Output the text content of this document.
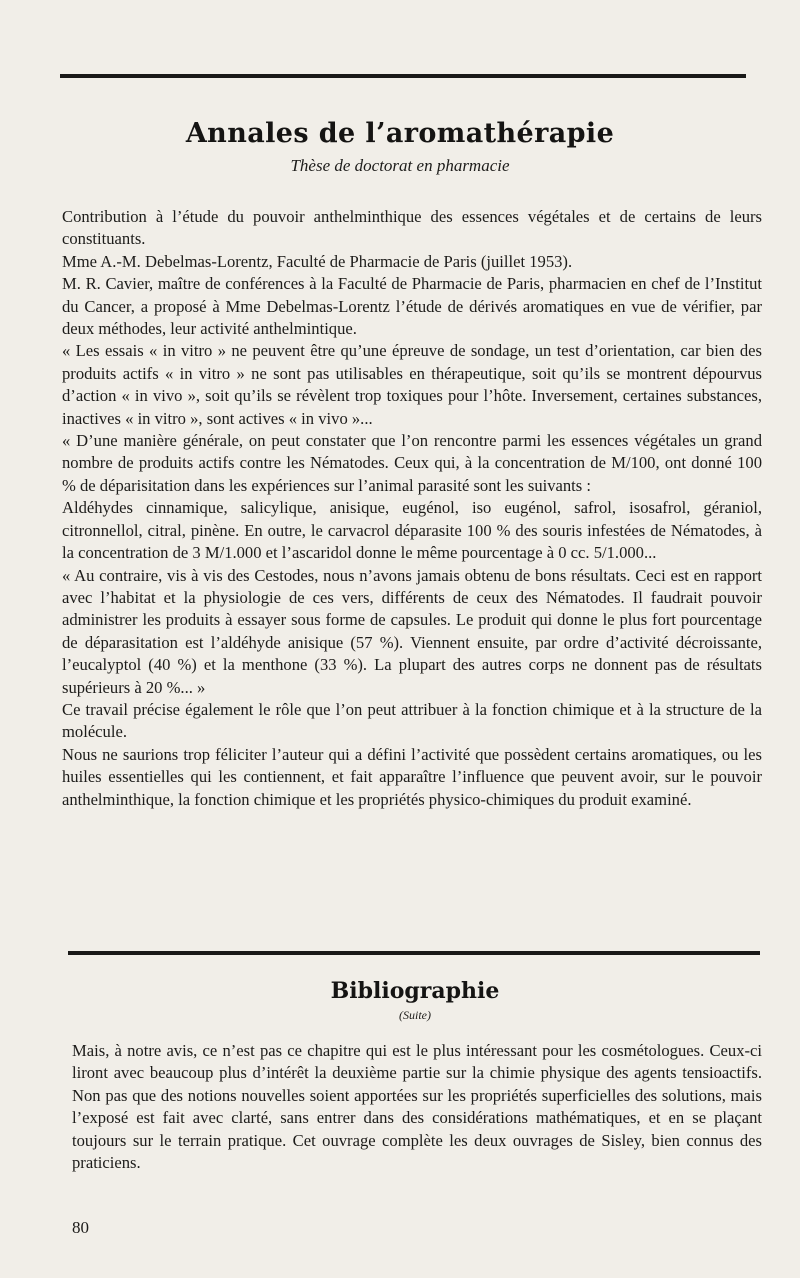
Annales de l’aromathérapie
Thèse de doctorat en pharmacie

Contribution à l’étude du pouvoir anthelminthique des essences végétales et de certains de leurs constituants.

Mme A.-M. Debelmas-Lorentz, Faculté de Pharmacie de Paris (juillet 1953).

M. R. Cavier, maître de conférences à la Faculté de Pharmacie de Paris, pharmacien en chef de l’Institut du Cancer, a proposé à Mme Debelmas-Lorentz l’étude de dérivés aromatiques en vue de vérifier, par deux méthodes, leur activité anthelmintique.

« Les essais « in vitro » ne peuvent être qu’une épreuve de sondage, un test d’orientation, car bien des produits actifs « in vitro » ne sont pas utilisables en thérapeutique, soit qu’ils se montrent dépourvus d’action « in vivo », soit qu’ils se révèlent trop toxiques pour l’hôte. Inversement, certaines substances, inactives « in vitro », sont actives « in vivo »...

« D’une manière générale, on peut constater que l’on rencontre parmi les essences végétales un grand nombre de produits actifs contre les Nématodes. Ceux qui, à la concentration de M/100, ont donné 100 % de déparisitation dans les expériences sur l’animal parasité sont les suivants :

Aldéhydes cinnamique, salicylique, anisique, eugénol, iso eugénol, safrol, isosafrol, géraniol, citronnellol, citral, pinène. En outre, le carvacrol déparasite 100 % des souris infestées de Nématodes, à la concentration de 3 M/1.000 et l’ascaridol donne le même pourcentage à 0 cc. 5/1.000...

« Au contraire, vis à vis des Cestodes, nous n’avons jamais obtenu de bons résultats. Ceci est en rapport avec l’habitat et la physiologie de ces vers, différents de ceux des Nématodes. Il faudrait pouvoir administrer les produits à essayer sous forme de capsules. Le produit qui donne le plus fort pourcentage de déparasitation est l’aldéhyde anisique (57 %). Viennent ensuite, par ordre d’activité décroissante, l’eucalyptol (40 %) et la menthone (33 %). La plupart des autres corps ne donnent pas de résultats supérieurs à 20 %... »

Ce travail précise également le rôle que l’on peut attribuer à la fonction chimique et à la structure de la molécule.

Nous ne saurions trop féliciter l’auteur qui a défini l’activité que possèdent certains aromatiques, ou les huiles essentielles qui les contiennent, et fait apparaître l’influence que peuvent avoir, sur le pouvoir anthelminthique, la fonction chimique et les propriétés physico-chimiques du produit examiné.

Bibliographie
(Suite)

Mais, à notre avis, ce n’est pas ce chapitre qui est le plus intéressant pour les cosmétologues. Ceux-ci liront avec beaucoup plus d’intérêt la deuxième partie sur la chimie physique des agents tensioactifs. Non pas que des notions nouvelles soient apportées sur les propriétés superficielles des solutions, mais l’exposé est fait avec clarté, sans entrer dans des considérations mathématiques, et en se plaçant toujours sur le terrain pratique. Cet ouvrage complète les deux ouvrages de Sisley, bien connus des praticiens.

80
